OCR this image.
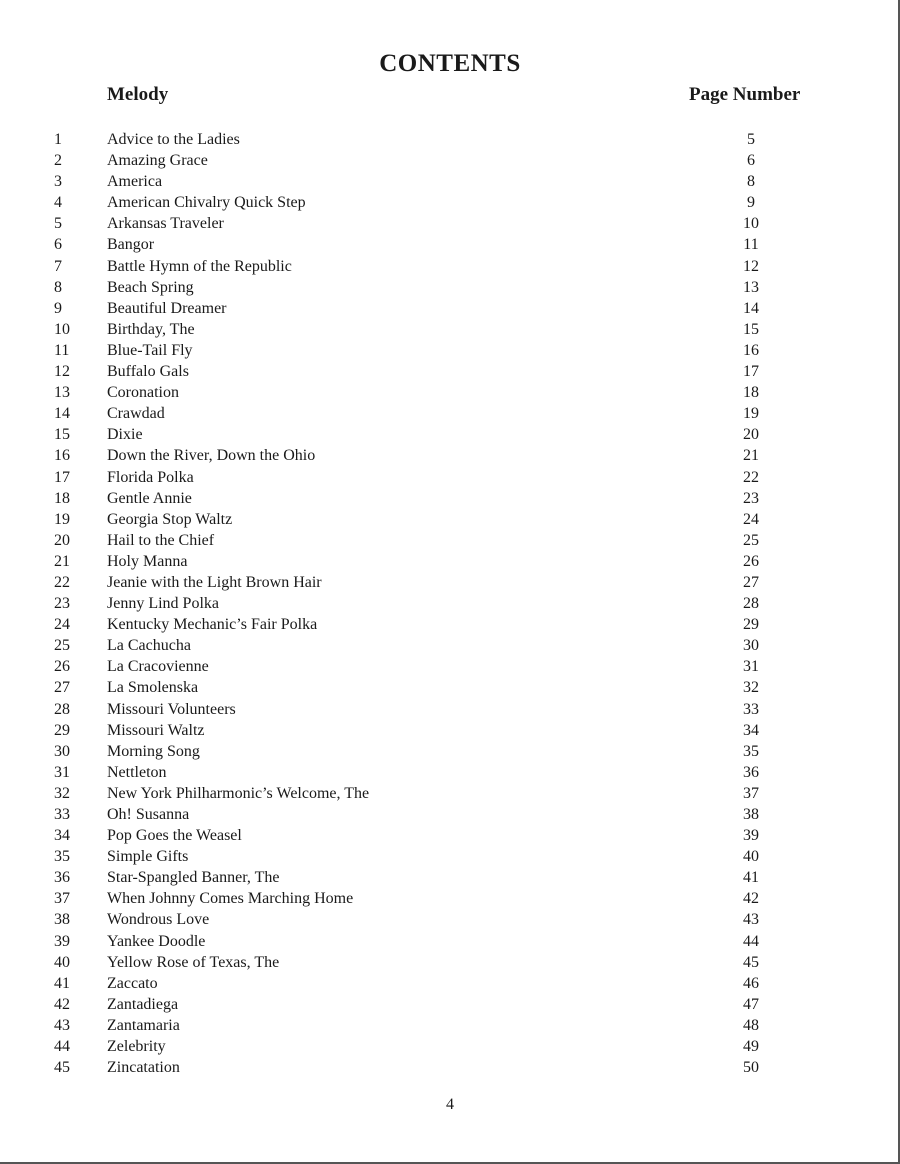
CONTENTS
Melody	Page Number
1	Advice to the Ladies	5
2	Amazing Grace	6
3	America	8
4	American Chivalry Quick Step	9
5	Arkansas Traveler	10
6	Bangor	11
7	Battle Hymn of the Republic	12
8	Beach Spring	13
9	Beautiful Dreamer	14
10 Birthday, The	15
11 Blue-Tail Fly	16
12 Buffalo Gals	17
13 Coronation	18
14 Crawdad	19
15 Dixie	20
16 Down the River, Down the Ohio	21
17 Florida Polka	22
18 Gentle Annie	23
19 Georgia Stop Waltz	24
20 Hail to the Chief	25
21 Holy Manna	26
22 Jeanie with the Light Brown Hair	27
23 Jenny Lind Polka	28
24 Kentucky Mechanic’s Fair Polka	29
25 La Cachucha	30
26 La Cracovienne	31
27 La Smolenska	32
28 Missouri Volunteers	33
29 Missouri Waltz	34
30 Morning Song	35
31 Nettleton	36
32 New York Philharmonic’s Welcome, The	37
33 Oh! Susanna	38
34 Pop Goes the Weasel	39
35 Simple Gifts	40
36 Star-Spangled Banner, The	41
37 When Johnny Comes Marching Home	42
38 Wondrous Love	43
39 Yankee Doodle	44
40 Yellow Rose of Texas, The	45
41 Zaccato	46
42 Zantadiega	47
43 Zantamaria	48
44 Zelebrity	49
45 Zincatation	50
4
